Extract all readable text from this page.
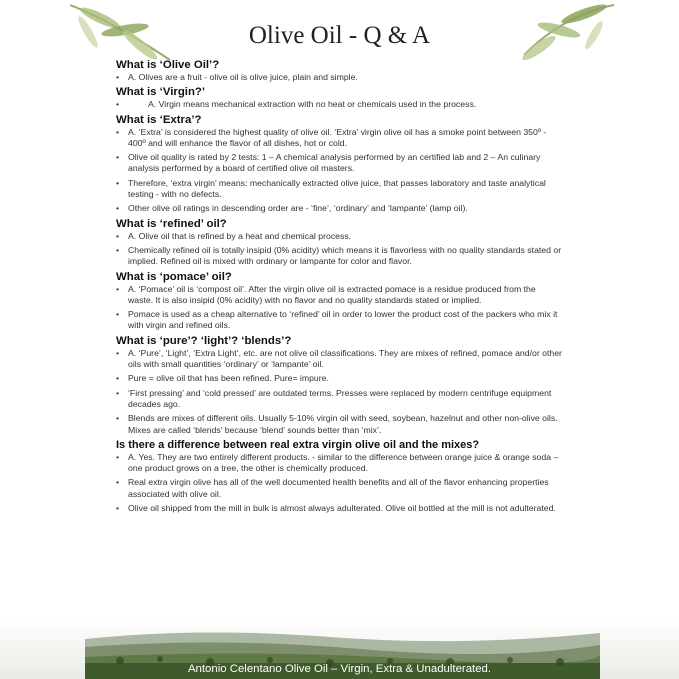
Olive Oil - Q & A
What is ‘Olive Oil’?
• A. Olives are a fruit - olive oil is olive juice, plain and simple.
What is ‘Virgin?’
•	A. Virgin means mechanical extraction with no heat or chemicals used in the process.
What is ‘Extra’?
• A. ‘Extra’ is considered the highest quality of olive oil. ‘Extra’ virgin olive oil has a smoke point between 350º - 400º and will enhance the flavor of all dishes, hot or cold.
• Olive oil quality is rated by 2 tests: 1 – A chemical analysis performed by an certified lab and 2 – An culinary analysis performed by a board of certified olive oil masters.
• Therefore, ‘extra virgin’ means: mechanically extracted olive juice, that passes laboratory and taste analytical testing - with no defects.
• Other olive oil ratings in descending order are - ‘fine’, ‘ordinary’ and ‘lampante’ (lamp oil).
What is ‘refined’ oil?
• A. Olive oil that is refined by a heat and chemical process.
• Chemically refined oil is totally insipid (0% acidity) which means it is flavorless with no quality standards stated or implied. Refined oil is mixed with ordinary or lampante for color and flavor.
What is ‘pomace’ oil?
• A. ‘Pomace’ oil is ‘compost oil’. After the virgin olive oil is extracted pomace is a residue produced from the waste. It is also insipid (0% acidity) with no flavor and no quality standards stated or implied.
• Pomace is used as a cheap alternative to ‘refined’ oil in order to lower the product cost of the packers who mix it with virgin and refined oils.
What is ‘pure’? ‘light’? ‘blends’?
• A. ‘Pure’, ‘Light’, ‘Extra Light’, etc. are not olive oil classifications. They are mixes of refined, pomace and/or other oils with small quantities ‘ordinary’ or ‘lampante’ oil.
• Pure = olive oil that has been refined. Pure= impure.
• ‘First pressing’ and ‘cold pressed’ are outdated terms. Presses were replaced by modern centrifuge equipment decades ago.
• Blends are mixes of different oils. Usually 5-10% virgin oil with seed, soybean, hazelnut and other non-olive oils. Mixes are called ‘blends’ because ‘blend’ sounds better than ‘mix’.
Is there a difference between real extra virgin olive oil and the mixes?
• A. Yes. They are two entirely different products. - similar to the difference between orange juice & orange soda – one product grows on a tree, the other is chemically produced.
• Real extra virgin olive has all of the well documented health benefits and all of the flavor enhancing properties associated with olive oil.
• Olive oil shipped from the mill in bulk is almost always adulterated. Olive oil bottled at the mill is not adulterated.
Antonio Celentano Olive Oil – Virgin, Extra & Unadulterated.
